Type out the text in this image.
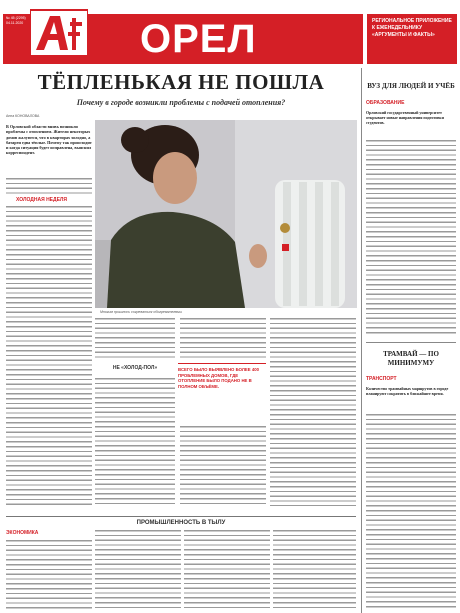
№ 45 (2295) 04.11.2020	ОРЕЛ	РЕГИОНАЛЬНОЕ ПРИЛОЖЕНИЕ К ЕЖЕНЕДЕЛЬНИКУ «АРГУМЕНТЫ И ФАКТЫ»
ТЁПЛЕНЬКАЯ НЕ ПОШЛА
Почему в городе возникли проблемы с подачей отопления?
Анна КОНОВАЛОВА
В Орловской области вновь возникли проблемы с отоплением. Жители некоторых домов жалуются, что в квартирах холодно, а батареи едва тёплые. Почему так происходит и когда ситуация будет исправлена, выяснил корреспондент.
ХОЛОДНАЯ НЕДЕЛЯ
Многим пришлось согреваться обогревателями.
НЕ «ХОЛОД-ПОЛ»	ВСЕГО БЫЛО ВЫЯВЛЕНО БОЛЕЕ 400 ПРОБЛЕМНЫХ ДОМОВ, ГДЕ ОТОПЛЕНИЕ БЫЛО ПОДАНО НЕ В ПОЛНОМ ОБЪЁМЕ.
ПРОМЫШЛЕННОСТЬ В ТЫЛУ
ЭКОНОМИКА
ВУЗ ДЛЯ ЛЮДЕЙ И УЧЁБ
ОБРАЗОВАНИЕ
Орловский государственный университет открывает новые направления подготовки студентов.
ТРАМВАЙ — ПО МИНИМУМУ
ТРАНСПОРТ
Количество трамвайных маршрутов в городе планируют сократить в ближайшее время.
